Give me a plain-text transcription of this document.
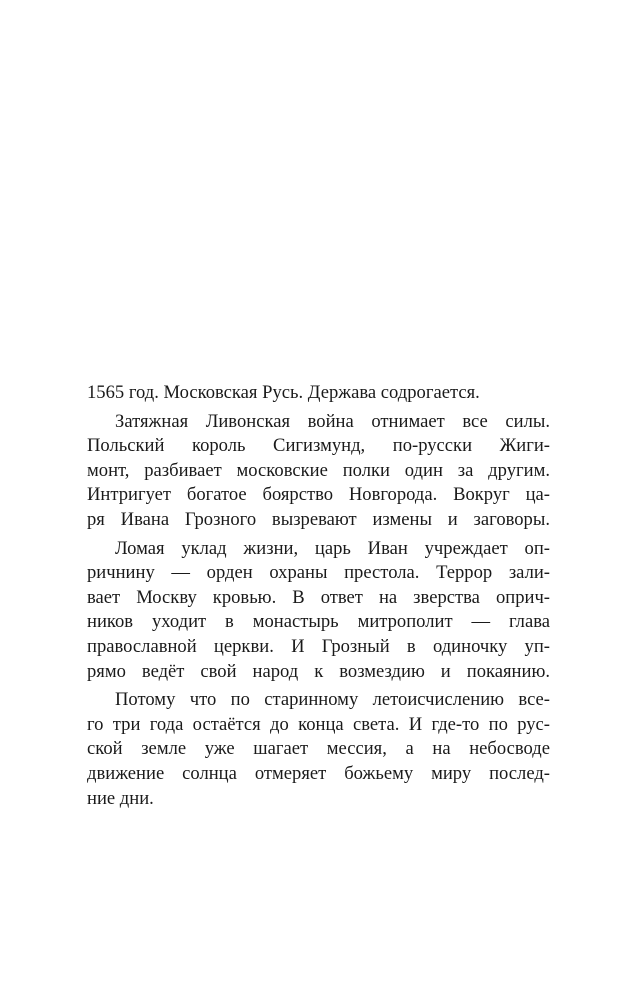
1565 год. Московская Русь. Держава содрогается.
Затяжная Ливонская война отнимает все силы.
Польский король Сигизмунд, по-русски Жиги-
монт, разбивает московские полки один за другим.
Интригует богатое боярство Новгорода. Вокруг ца-
ря Ивана Грозного вызревают измены и заговоры.
Ломая уклад жизни, царь Иван учреждает оп-
ричнину — орден охраны престола. Террор зали-
вает Москву кровью. В ответ на зверства оприч-
ников уходит в монастырь митрополит — глава
православной церкви. И Грозный в одиночку уп-
рямо ведёт свой народ к возмездию и покаянию.
Потому что по старинному летоисчислению все-
го три года остаётся до конца света. И где-то по рус-
ской земле уже шагает мессия, а на небосводе
движение солнца отмеряет божьему миру послед-
ние дни.
